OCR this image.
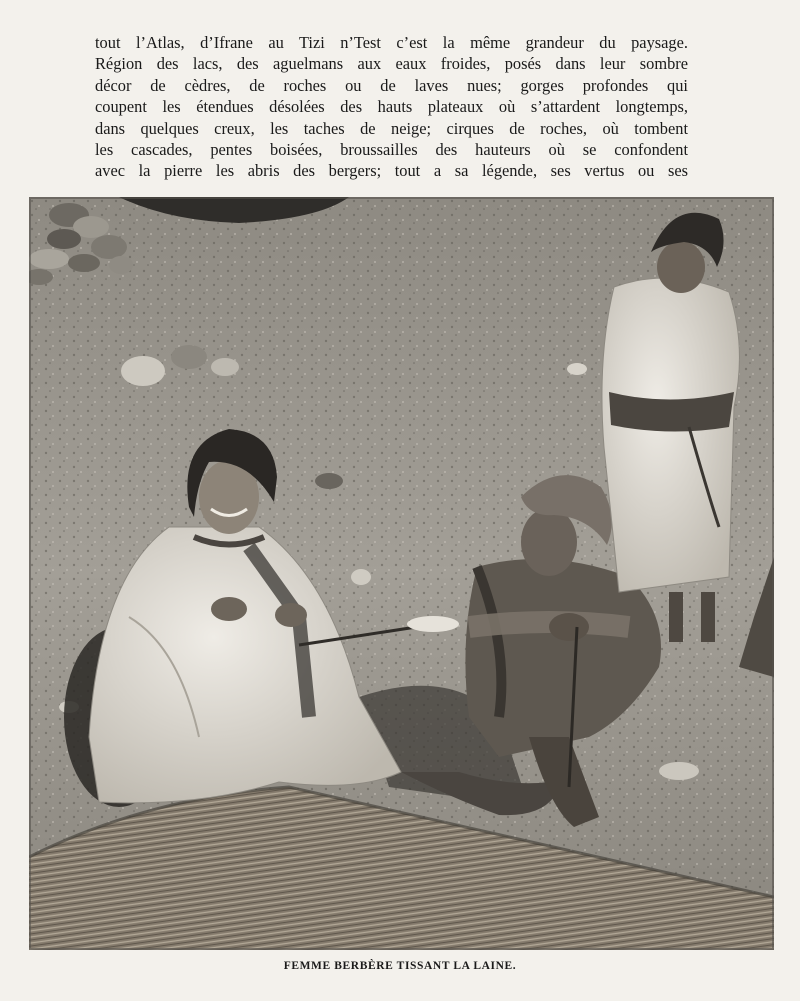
tout l’Atlas, d’Ifrane au Tizi n’Test c’est la même grandeur du paysage.
Région des lacs, des aguelmans aux eaux froides, posés dans leur sombre
décor de cèdres, de roches ou de laves nues; gorges profondes qui
coupent les étendues désolées des hauts plateaux où s’attardent longtemps,
dans quelques creux, les taches de neige; cirques de roches, où tombent
les cascades, pentes boisées, broussailles des hauteurs où se confondent
avec la pierre les abris des bergers; tout a sa légende, ses vertus ou ses
FEMME BERBÈRE TISSANT LA LAINE.
